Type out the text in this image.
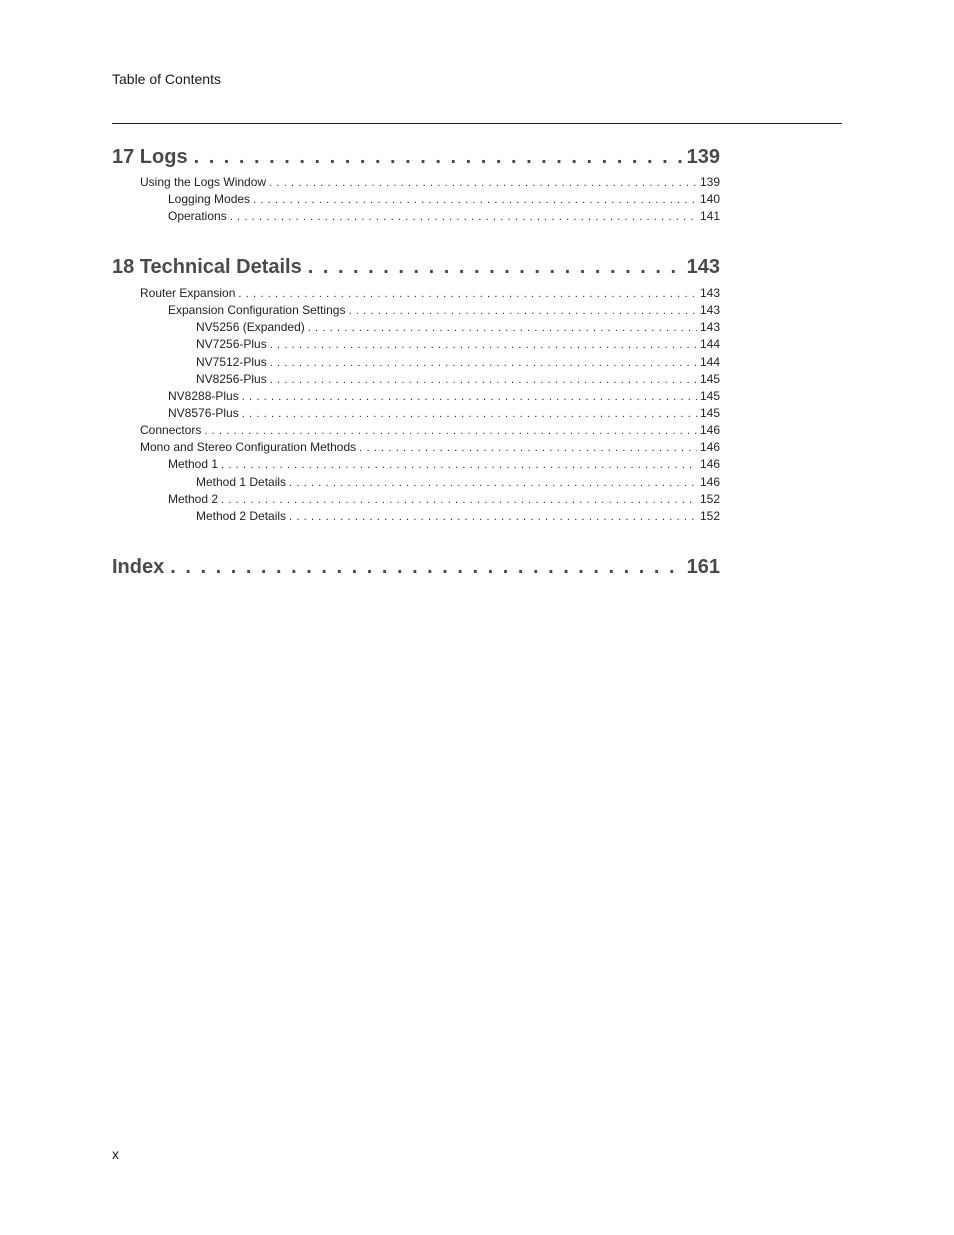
Table of Contents
17 Logs . . .	139
Using the Logs Window . . .	139
Logging Modes . . .	140
Operations . . .	141
18 Technical Details . . .	143
Router Expansion . . .	143
Expansion Configuration Settings . . .	143
NV5256 (Expanded) . . .	143
NV7256-Plus . . .	144
NV7512-Plus . . .	144
NV8256-Plus . . .	145
NV8288-Plus . . .	145
NV8576-Plus . . .	145
Connectors . . .	146
Mono and Stereo Configuration Methods . . .	146
Method 1 . . .	146
Method 1 Details . . .	146
Method 2 . . .	152
Method 2 Details . . .	152
Index . . .	161
x
